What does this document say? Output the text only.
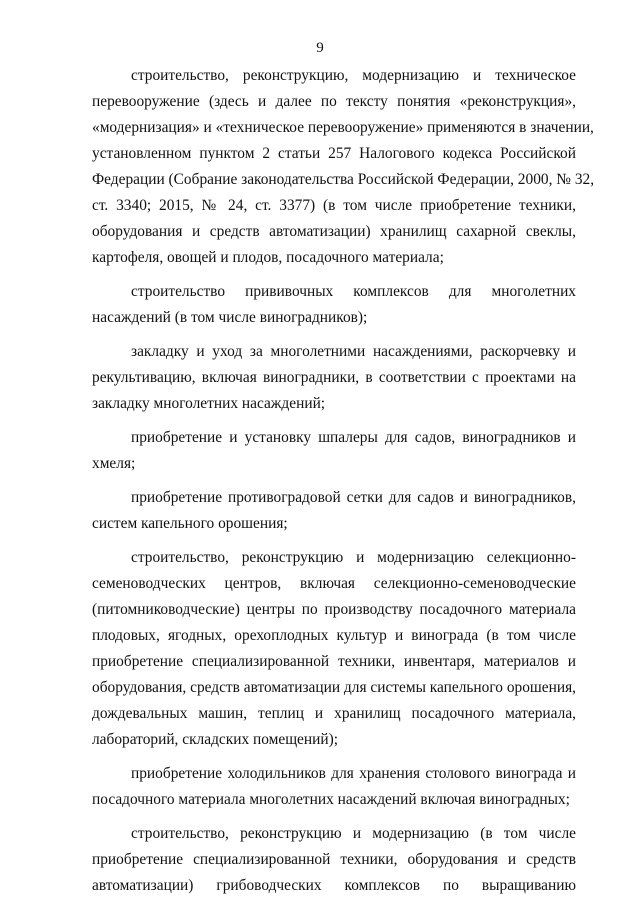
9
строительство, реконструкцию, модернизацию и техническое
перевооружение (здесь и далее по тексту понятия «реконструкция»,
«модернизация» и «техническое перевооружение» применяются в значении,
установленном пунктом 2 статьи 257 Налогового кодекса Российской
Федерации (Собрание законодательства Российской Федерации, 2000, № 32,
ст. 3340; 2015, № 24, ст. 3377) (в том числе приобретение техники,
оборудования и средств автоматизации) хранилищ сахарной свеклы,
картофеля, овощей и плодов, посадочного материала;
строительство прививочных комплексов для многолетних
насаждений (в том числе виноградников);
закладку и уход за многолетними насаждениями, раскорчевку и
рекультивацию, включая виноградники, в соответствии с проектами на
закладку многолетних насаждений;
приобретение и установку шпалеры для садов, виноградников и
хмеля;
приобретение противоградовой сетки для садов и виноградников,
систем капельного орошения;
строительство, реконструкцию и модернизацию селекционно-
семеноводческих центров, включая селекционно-семеноводческие
(питомниководческие) центры по производству посадочного материала
плодовых, ягодных, орехоплодных культур и винограда (в том числе
приобретение специализированной техники, инвентаря, материалов и
оборудования, средств автоматизации для системы капельного орошения,
дождевальных машин, теплиц и хранилищ посадочного материала,
лабораторий, складских помещений);
приобретение холодильников для хранения столового винограда и
посадочного материала многолетних насаждений включая виноградных;
строительство, реконструкцию и модернизацию (в том числе
приобретение специализированной техники, оборудования и средств
автоматизации) грибоводческих комплексов по выращиванию
